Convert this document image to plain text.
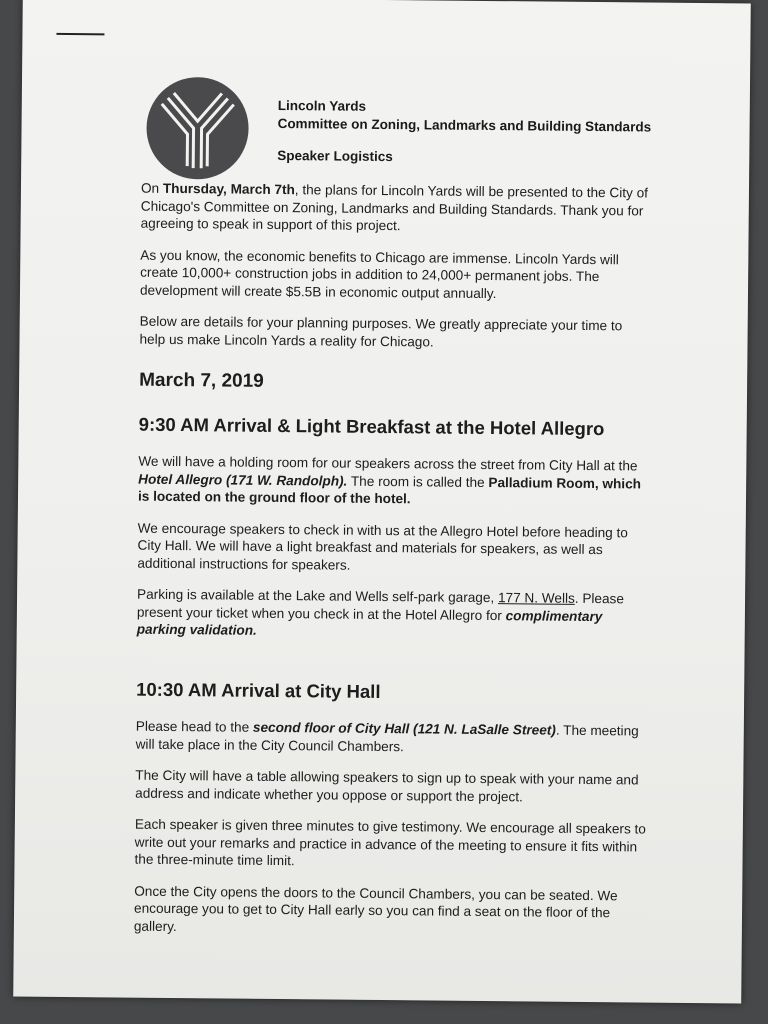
Lincoln Yards
Committee on Zoning, Landmarks and Building Standards
Speaker Logistics

On Thursday, March 7th, the plans for Lincoln Yards will be presented to the City of Chicago's Committee on Zoning, Landmarks and Building Standards. Thank you for agreeing to speak in support of this project.

As you know, the economic benefits to Chicago are immense. Lincoln Yards will create 10,000+ construction jobs in addition to 24,000+ permanent jobs. The development will create $5.5B in economic output annually.

Below are details for your planning purposes. We greatly appreciate your time to help us make Lincoln Yards a reality for Chicago.

March 7, 2019
9:30 AM Arrival & Light Breakfast at the Hotel Allegro

We will have a holding room for our speakers across the street from City Hall at the Hotel Allegro (171 W. Randolph). The room is called the Palladium Room, which is located on the ground floor of the hotel.

We encourage speakers to check in with us at the Allegro Hotel before heading to City Hall. We will have a light breakfast and materials for speakers, as well as additional instructions for speakers.

Parking is available at the Lake and Wells self-park garage, 177 N. Wells. Please present your ticket when you check in at the Hotel Allegro for complimentary parking validation.

10:30 AM Arrival at City Hall

Please head to the second floor of City Hall (121 N. LaSalle Street). The meeting will take place in the City Council Chambers.

The City will have a table allowing speakers to sign up to speak with your name and address and indicate whether you oppose or support the project.

Each speaker is given three minutes to give testimony. We encourage all speakers to write out your remarks and practice in advance of the meeting to ensure it fits within the three-minute time limit.

Once the City opens the doors to the Council Chambers, you can be seated. We encourage you to get to City Hall early so you can find a seat on the floor of the gallery.
